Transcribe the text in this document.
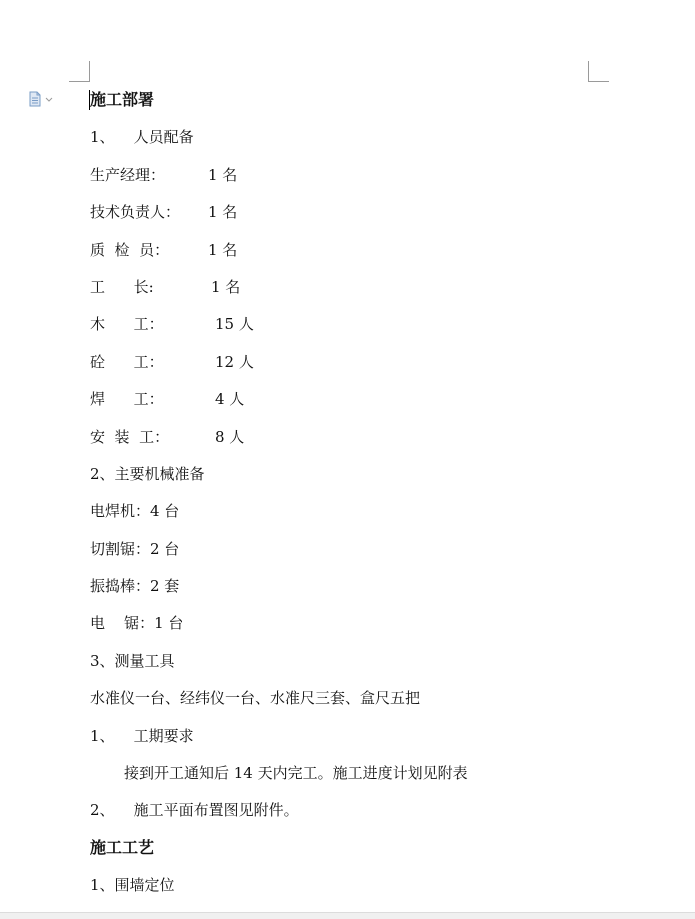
施工部署
1、    人员配备
生产经理：	1 名
技术负责人： 1 名
质  检  员：	1 名
工      长:	1 名
木      工：	15 人
砼      工：	12 人
焊      工：	4 人
安  装  工：	8 人
2、主要机械准备
电焊机：4 台
切割锯：2 台
振捣棒：2 套
电    锯：1 台
3、测量工具
水准仪一台、经纬仪一台、水准尺三套、盒尺五把
1、    工期要求
接到开工通知后 14 天内完工。施工进度计划见附表
2、    施工平面布置图见附件。
施工工艺
1、围墙定位
